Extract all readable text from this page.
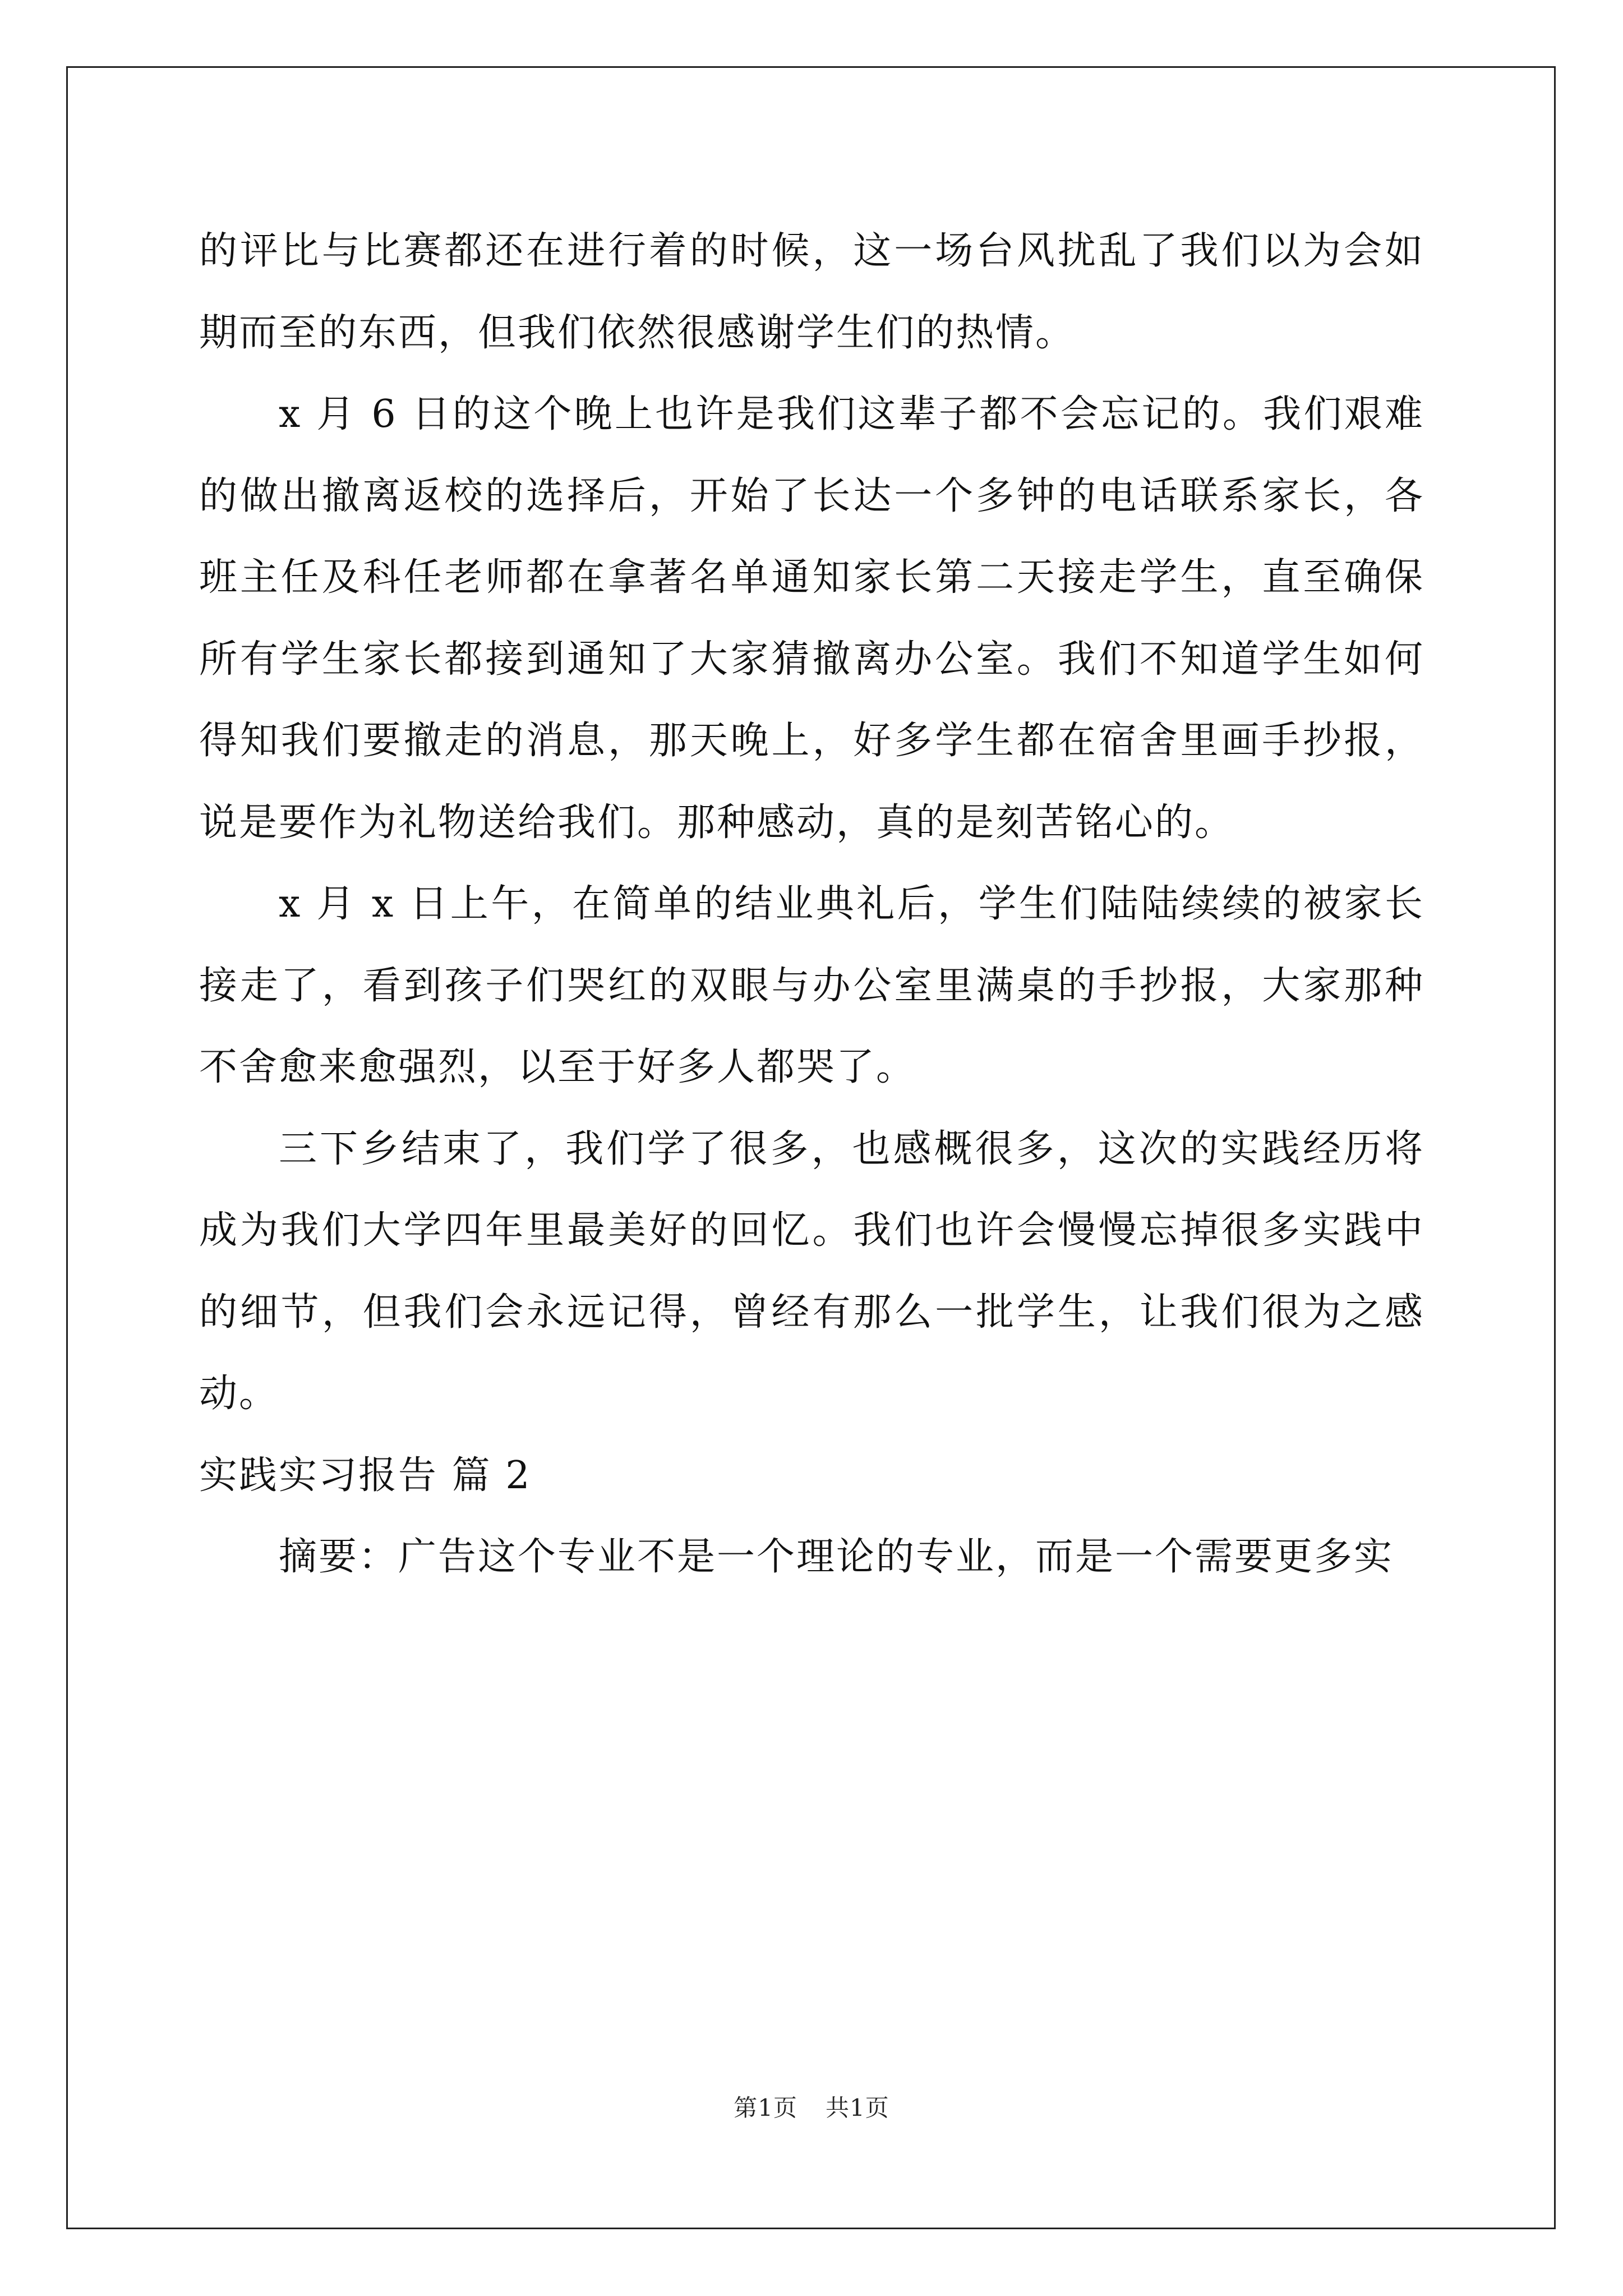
的评比与比赛都还在进行着的时候，这一场台风扰乱了我们以为会如期而至的东西，但我们依然很感谢学生们的热情。

x 月 6 日的这个晚上也许是我们这辈子都不会忘记的。我们艰难的做出撤离返校的选择后，开始了长达一个多钟的电话联系家长，各班主任及科任老师都在拿著名单通知家长第二天接走学生，直至确保所有学生家长都接到通知了大家猜撤离办公室。我们不知道学生如何得知我们要撤走的消息，那天晚上，好多学生都在宿舍里画手抄报，说是要作为礼物送给我们。那种感动，真的是刻苦铭心的。

x 月 x 日上午，在简单的结业典礼后，学生们陆陆续续的被家长接走了，看到孩子们哭红的双眼与办公室里满桌的手抄报，大家那种不舍愈来愈强烈，以至于好多人都哭了。

三下乡结束了，我们学了很多，也感概很多，这次的实践经历将成为我们大学四年里最美好的回忆。我们也许会慢慢忘掉很多实践中的细节，但我们会永远记得，曾经有那么一批学生，让我们很为之感动。

实践实习报告 篇 2

摘要：广告这个专业不是一个理论的专业，而是一个需要更多实

第1页 共1页
